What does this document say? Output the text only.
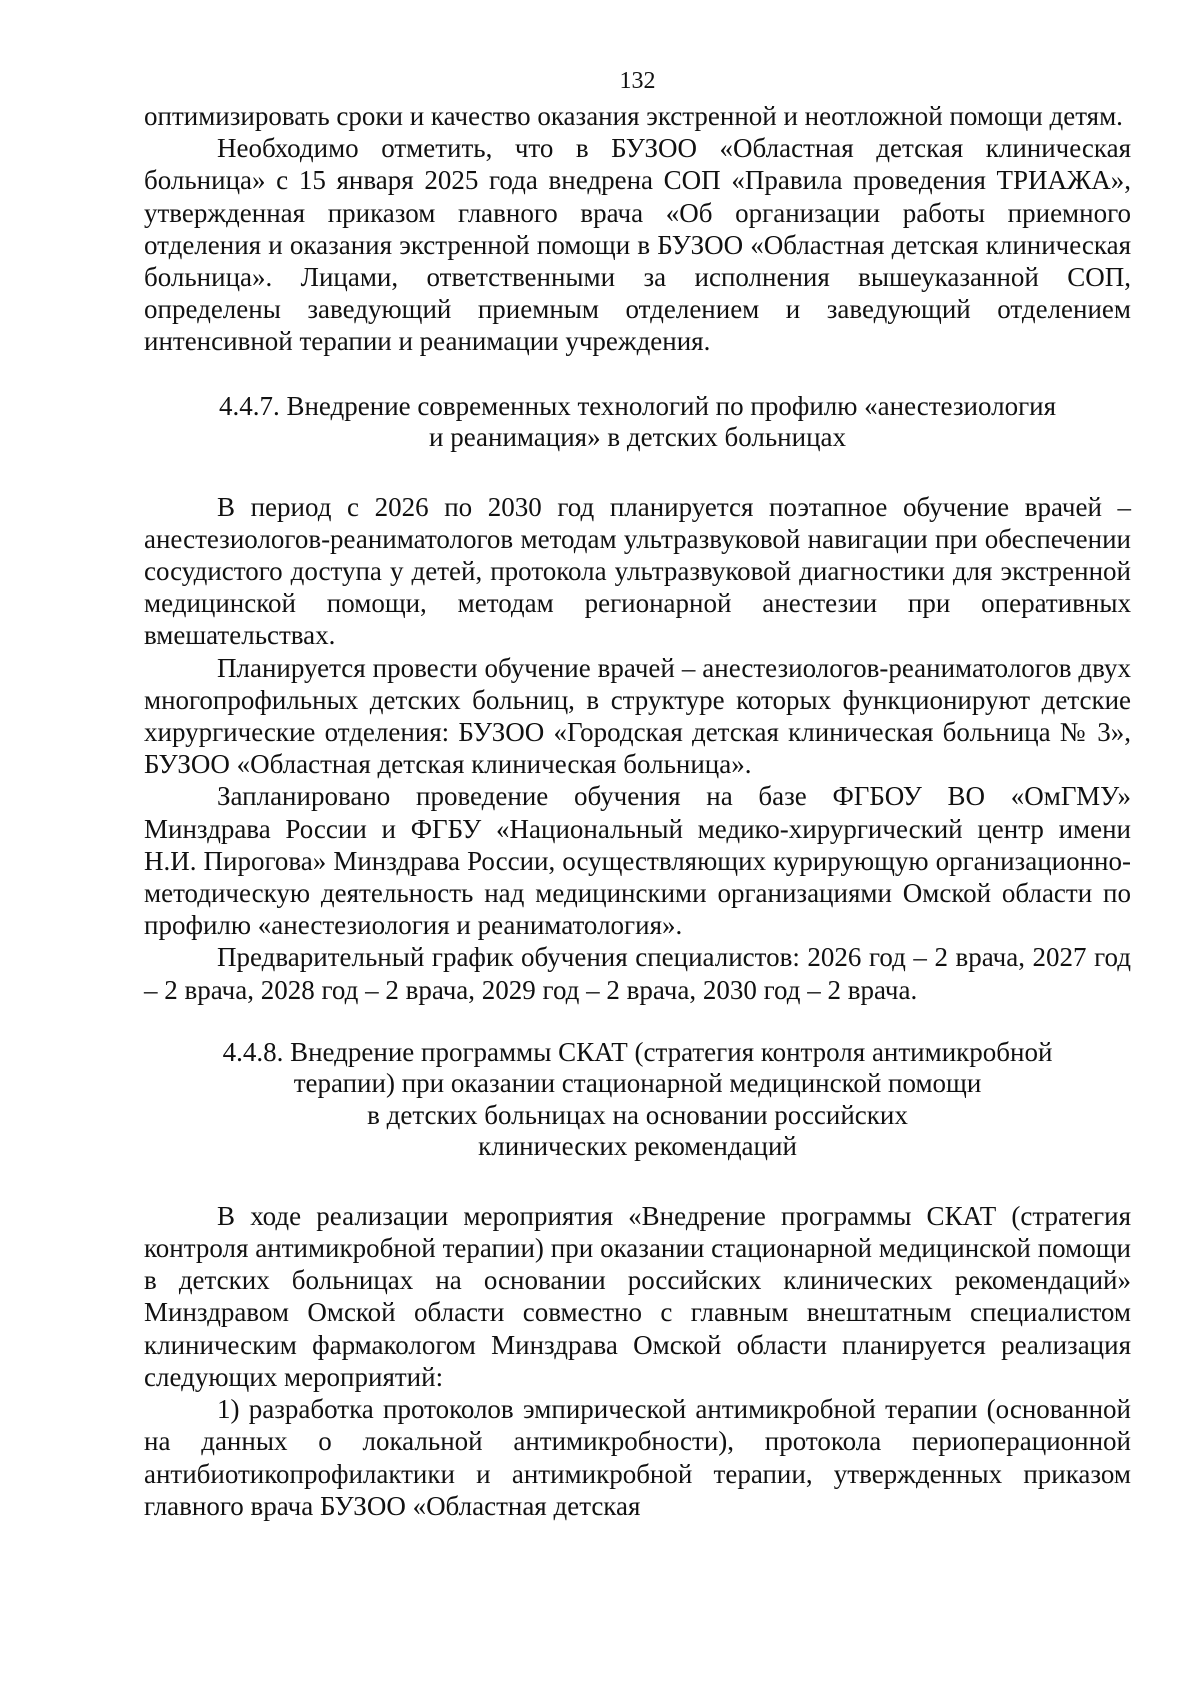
132

оптимизировать сроки и качество оказания экстренной и неотложной помощи детям.

Необходимо отметить, что в БУЗОО «Областная детская клиническая больница» с 15 января 2025 года внедрена СОП «Правила проведения ТРИАЖА», утвержденная приказом главного врача «Об организации работы приемного отделения и оказания экстренной помощи в БУЗОО «Областная детская клиническая больница». Лицами, ответственными за исполнения вышеуказанной СОП, определены заведующий приемным отделением и заведующий отделением интенсивной терапии и реанимации учреждения.

4.4.7. Внедрение современных технологий по профилю «анестезиология
и реанимация» в детских больницах

В период с 2026 по 2030 год планируется поэтапное обучение врачей – анестезиологов-реаниматологов методам ультразвуковой навигации при обеспечении сосудистого доступа у детей, протокола ультразвуковой диагностики для экстренной медицинской помощи, методам регионарной анестезии при оперативных вмешательствах.

Планируется провести обучение врачей – анестезиологов-реаниматологов двух многопрофильных детских больниц, в структуре которых функционируют детские хирургические отделения: БУЗОО «Городская детская клиническая больница № 3», БУЗОО «Областная детская клиническая больница».

Запланировано проведение обучения на базе ФГБОУ ВО «ОмГМУ» Минздрава России и ФГБУ «Национальный медико-хирургический центр имени Н.И. Пирогова» Минздрава России, осуществляющих курирующую организационно-методическую деятельность над медицинскими организациями Омской области по профилю «анестезиология и реаниматология».

Предварительный график обучения специалистов: 2026 год – 2 врача, 2027 год – 2 врача, 2028 год – 2 врача, 2029 год – 2 врача, 2030 год – 2 врача.

4.4.8. Внедрение программы СКАТ (стратегия контроля антимикробной
терапии) при оказании стационарной медицинской помощи
в детских больницах на основании российских
клинических рекомендаций

В ходе реализации мероприятия «Внедрение программы СКАТ (стратегия контроля антимикробной терапии) при оказании стационарной медицинской помощи в детских больницах на основании российских клинических рекомендаций» Минздравом Омской области совместно с главным внештатным специалистом клиническим фармакологом Минздрава Омской области планируется реализация следующих мероприятий:

1) разработка протоколов эмпирической антимикробной терапии (основанной на данных о локальной антимикробности), протокола периоперационной антибиотикопрофилактики и антимикробной терапии, утвержденных приказом главного врача БУЗОО «Областная детская
